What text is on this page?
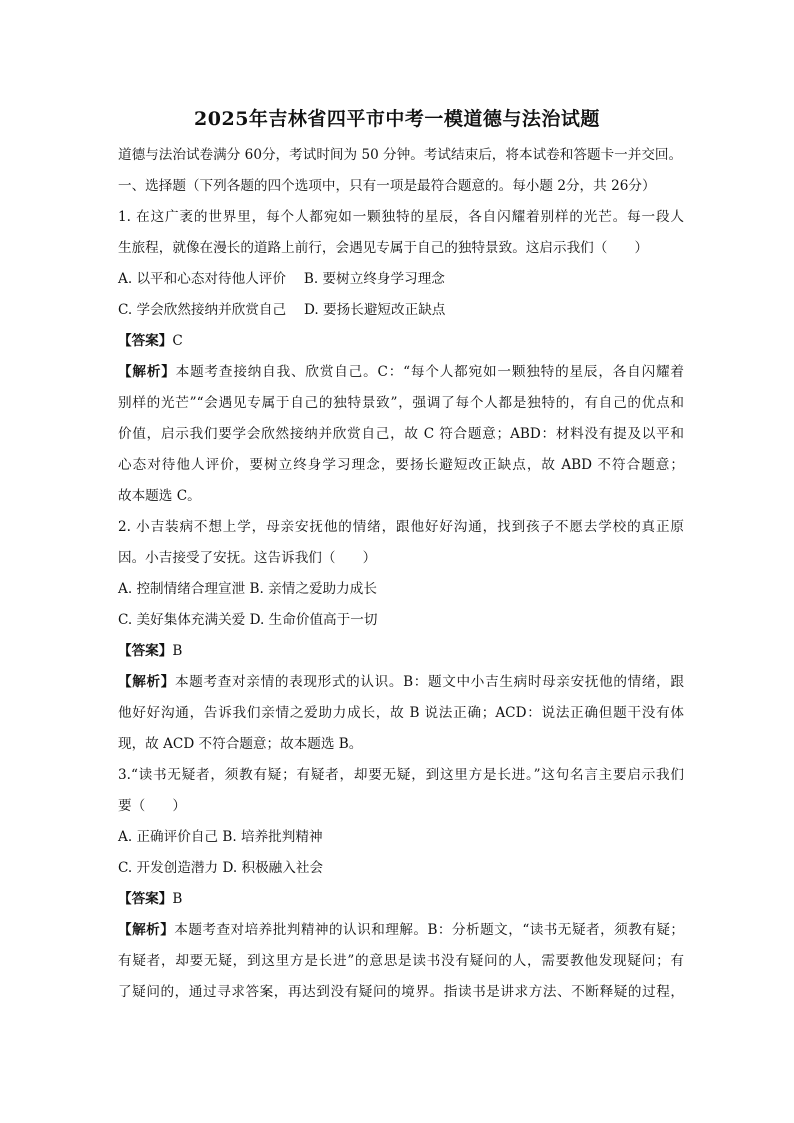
2025年吉林省四平市中考一模道德与法治试题
道德与法治试卷满分 60分，考试时间为 50 分钟。考试结束后，将本试卷和答题卡一并交回。
一、选择题（下列各题的四个选项中，只有一项是最符合题意的。每小题 2分，共 26分）
1. 在这广袤的世界里，每个人都宛如一颗独特的星辰，各自闪耀着别样的光芒。每一段人
生旅程，就像在漫长的道路上前行，会遇见专属于自己的独特景致。这启示我们（　　）
A. 以平和心态对待他人评价　 B. 要树立终身学习理念
C. 学会欣然接纳并欣赏自己　 D. 要扬长避短改正缺点
【答案】C
【解析】本题考查接纳自我、欣赏自己。C：“每个人都宛如一颗独特的星辰，各自闪耀着
别样的光芒”“会遇见专属于自己的独特景致”，强调了每个人都是独特的，有自己的优点和
价值，启示我们要学会欣然接纳并欣赏自己，故 C 符合题意；ABD：材料没有提及以平和
心态对待他人评价，要树立终身学习理念，要扬长避短改正缺点，故 ABD 不符合题意；
故本题选 C。
2. 小吉装病不想上学，母亲安抚他的情绪，跟他好好沟通，找到孩子不愿去学校的真正原
因。小吉接受了安抚。这告诉我们（　　）
A. 控制情绪合理宣泄 B. 亲情之爱助力成长
C. 美好集体充满关爱 D. 生命价值高于一切
【答案】B
【解析】本题考查对亲情的表现形式的认识。B：题文中小吉生病时母亲安抚他的情绪，跟
他好好沟通，告诉我们亲情之爱助力成长，故 B 说法正确；ACD：说法正确但题干没有体
现，故 ACD 不符合题意；故本题选 B。
3.“读书无疑者，须教有疑；有疑者，却要无疑，到这里方是长进。”这句名言主要启示我们
要（　　）
A. 正确评价自己 B. 培养批判精神
C. 开发创造潜力 D. 积极融入社会
【答案】B
【解析】本题考查对培养批判精神的认识和理解。B：分析题文，“读书无疑者，须教有疑；
有疑者，却要无疑，到这里方是长进”的意思是读书没有疑问的人，需要教他发现疑问；有
了疑问的，通过寻求答案，再达到没有疑问的境界。指读书是讲求方法、不断释疑的过程，
